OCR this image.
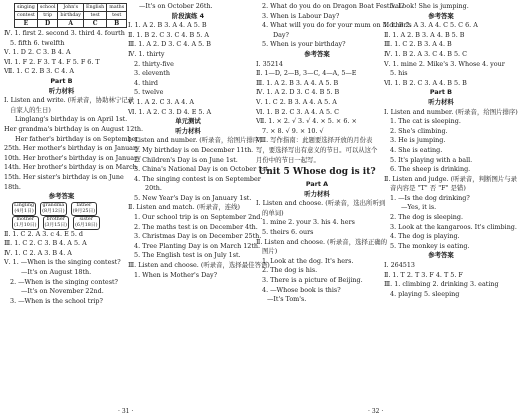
singing	school	John's	English	maths
contest	trip	birthday	test	test
E	D	A	C	B
Ⅳ. 1. first 2. second 3. third 4. fourth
5. fifth 6. twelfth
Ⅴ. 1. D 2. C 3. B 4. A
Ⅵ. 1. F 2. F 3. T 4. F 5. F 6. T
Ⅶ. 1. C 2. B 3. C 4. A
Part B
听力材料
Ⅰ. Listen and write. (听录音，协助林宁记录
自家人的生日)
Linglang's birthday is on April 1st.
Her grandma's birthday is on August 12th.
Her father's birthday is on September
25th. Her mother's birthday is on January
10th. Her brother's birthday is on January
14th. Her brother's birthday is on March
15th. Her sister's birthday is on June
18th.
参考答案
Lingling
(4月1日)grandma
(8月12日)father
(9月25日)
mother
(1月10日)brother
(3月15日)sister
(6月18日)
Ⅱ. 1. C 2. A 3. c 4. E 5. d
Ⅲ. 1. C 2. C 3. B 4. A 5. A
Ⅳ. 1. C 2. A 3. B 4. A
Ⅴ. 1. —When is the singing contest?
—It's on August 18th.
2. —When is the singing contest?
—It's on November 22nd.
3. —When is the school trip?
—It's on October 26th.
阶段演练 4
Ⅰ. 1. A 2. B 3. A 4. A 5. B
Ⅱ. 1. B 2. C 3. C 4. B 5. A
Ⅲ. 1. A 2. D 3. C 4. A 5. B
Ⅳ. 1. thirty
2. thirty-five
3. eleventh
4. third
5. twelve
Ⅴ. 1. A 2. C 3. A 4. A
Ⅵ. 1. A 2. C 3. D 4. E 5. A
单元测试
听力材料
Ⅰ. Listen and number. (听录音，给图片排序)
1. My birthday is on December 11th.
2. Children's Day is on June 1st.
3. China's National Day is on October 1st.
4. The singing contest is on September
20th.
5. New Year's Day is on January 1st.
Ⅱ. Listen and match. (听录音，连线)
1. Our school trip is on September 2nd.
2. The maths test is on December 4th.
3. Christmas Day is on December 25th.
4. Tree Planting Day is on March 12th.
5. The English test is on July 1st.
Ⅲ. Listen and choose. (听录音，选择最佳答语)
1. When is Mother's Day?
2. What do you do on Dragon Boat Festival?
3. When is Labour Day?
4. What will you do for your mum on Mother's
Day?
5. When is your birthday?
参考答案
Ⅰ. 35214
Ⅱ. 1—D, 2—B, 3—C, 4—A, 5—E
Ⅲ. 1. A 2. B 3. A 4. A 5. B
Ⅳ. 1. A 2. D 3. C 4. B 5. B
Ⅴ. 1. C 2. B 3. A 4. A 5. A
Ⅵ. 1. B 2. C 3. A 4. A 5. C
Ⅶ. 1. × 2. √ 3. √ 4. × 5. × 6. ×
7. × 8. √ 9. × 10. √
Ⅷ. 写作指南：此题要选择开放的月份表
写，要选择写出有意义的节日。可以从这个
月份中的节日一起写。
Unit 5 Whose dog is it?
Part A
听力材料
Ⅰ. Listen and choose. (听录音，选出所听到
的单词)
1. mine 2. your 3. his 4. hers
5. theirs 6. ours
Ⅱ. Listen and choose. (听录音，选择正确的
图片)
1. Look at the dog. It's hers.
2. The dog is his.
3. There is a picture of Beijing.
4. —Whose book is this?
—It's Tom's.
5. Look! She is jumping.
参考答案
Ⅰ. 1. B 2. A 3. A 4. C 5. C 6. A
Ⅱ. 1. A 2. B 3. A 4. B 5. B
Ⅲ. 1. C 2. B 3. A 4. B
Ⅳ. 1. B 2. A 3. C 4. B 5. C
Ⅴ. 1. mine 2. Mike's 3. Whose 4. your
5. his
Ⅵ. 1. B 2. C 3. A 4. B 5. B
Part B
听力材料
Ⅰ. Listen and number. (听录音，给图片排序)
1. The cat is sleeping.
2. She's climbing.
3. He is jumping.
4. She is eating.
5. It's playing with a ball.
6. The sheep is drinking.
Ⅱ. Listen and judge. (听录音，判断图片与录
音内容是 "T" 否 "F" 是错)
1. —Is the dog drinking?
—Yes, it is.
2. The dog is sleeping.
3. Look at the kangaroos. It's climbing.
4. The dog is playing.
5. The monkey is eating.
参考答案
Ⅰ. 264513
Ⅱ. 1. T 2. T 3. F 4. T 5. F
Ⅲ. 1. climbing 2. drinking 3. eating
4. playing 5. sleeping
· 31 ·	· 32 ·
